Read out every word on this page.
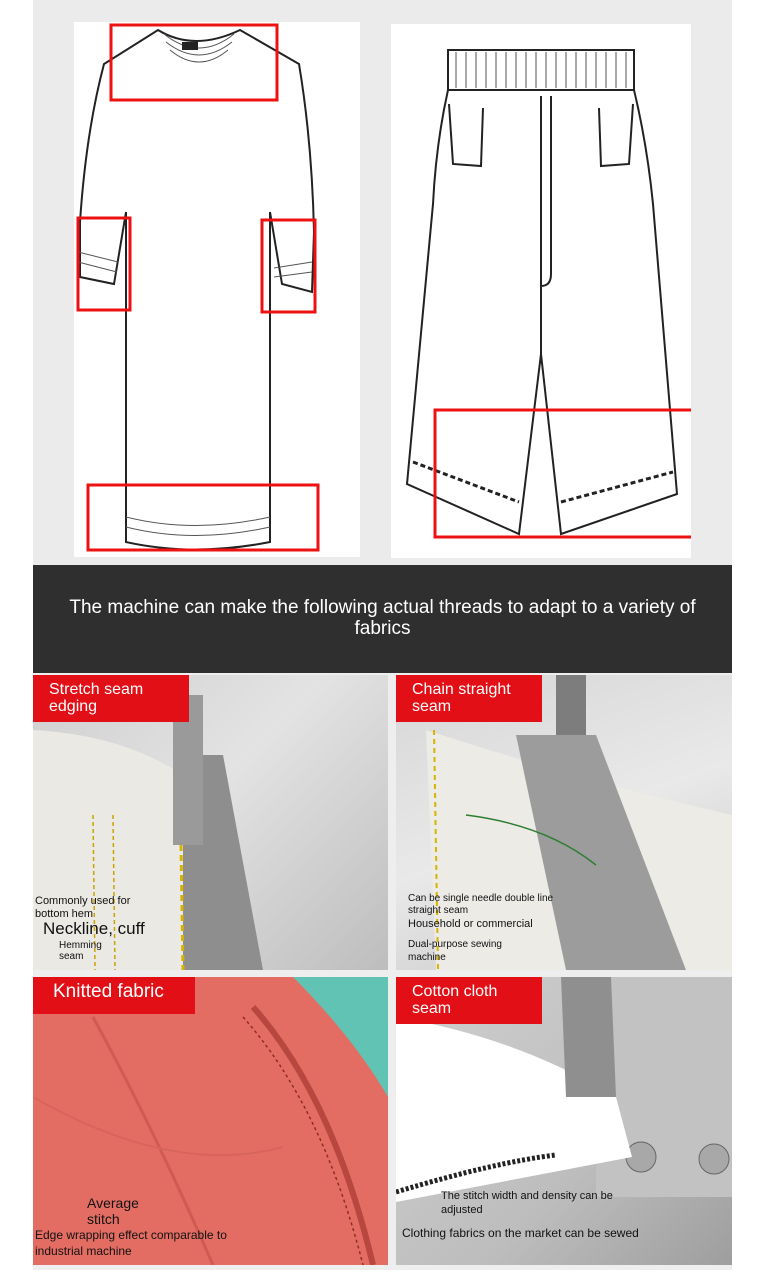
The machine can make the following actual threads to adapt to a variety of fabrics
Stretch seam edging
Commonly used for bottom hem
Neckline, cuff
Hemming seam
Chain straight seam
Can be single needle double line straight seam
Household or commercial
Dual-purpose sewing machine
Knitted fabric
Average stitch
Edge wrapping effect comparable to industrial machine
Cotton cloth seam
The stitch width and density can be adjusted
Clothing fabrics on the market can be sewed
